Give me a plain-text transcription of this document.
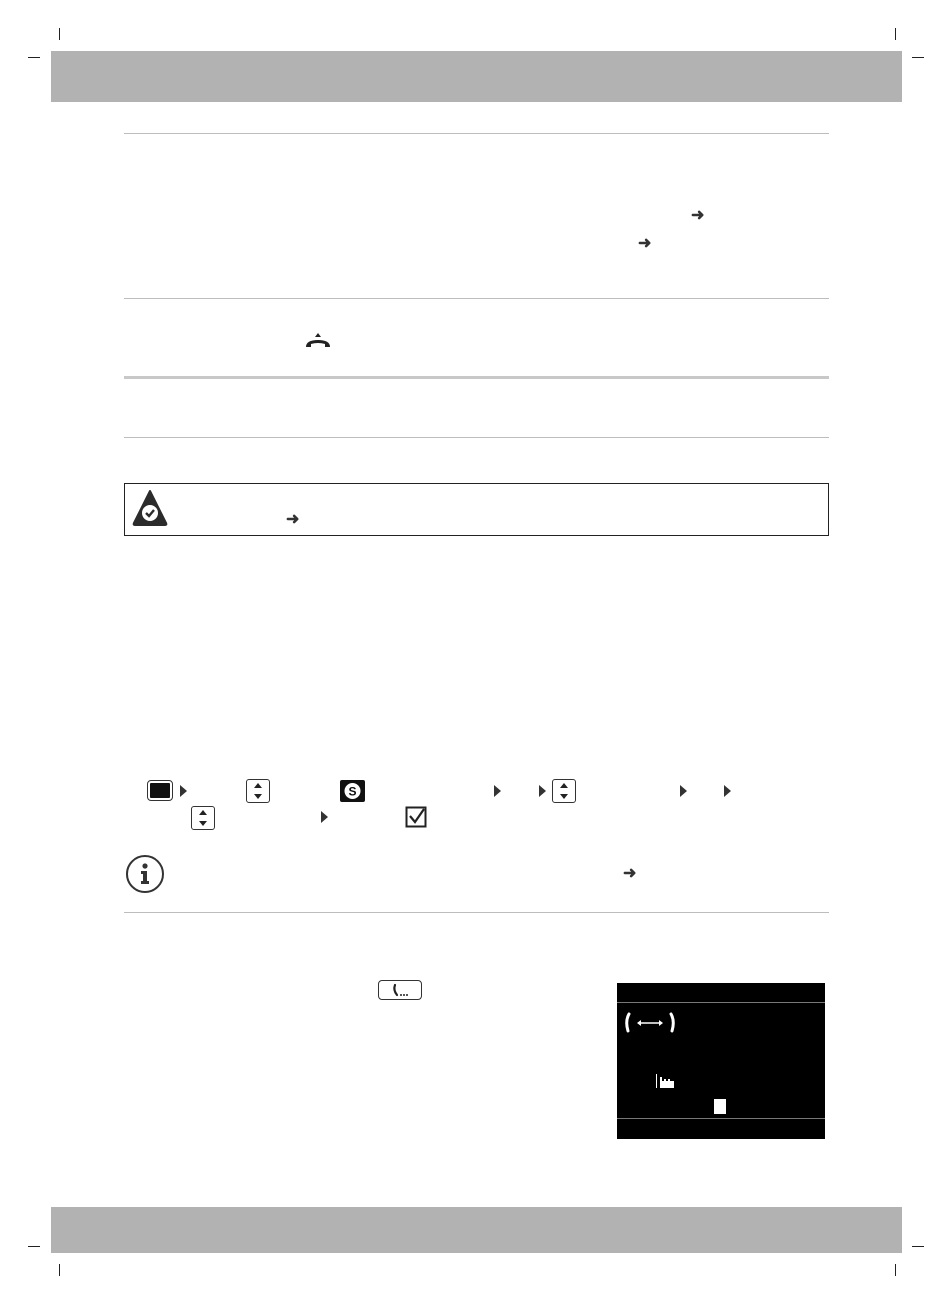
➜
➜
➜
S
➜
